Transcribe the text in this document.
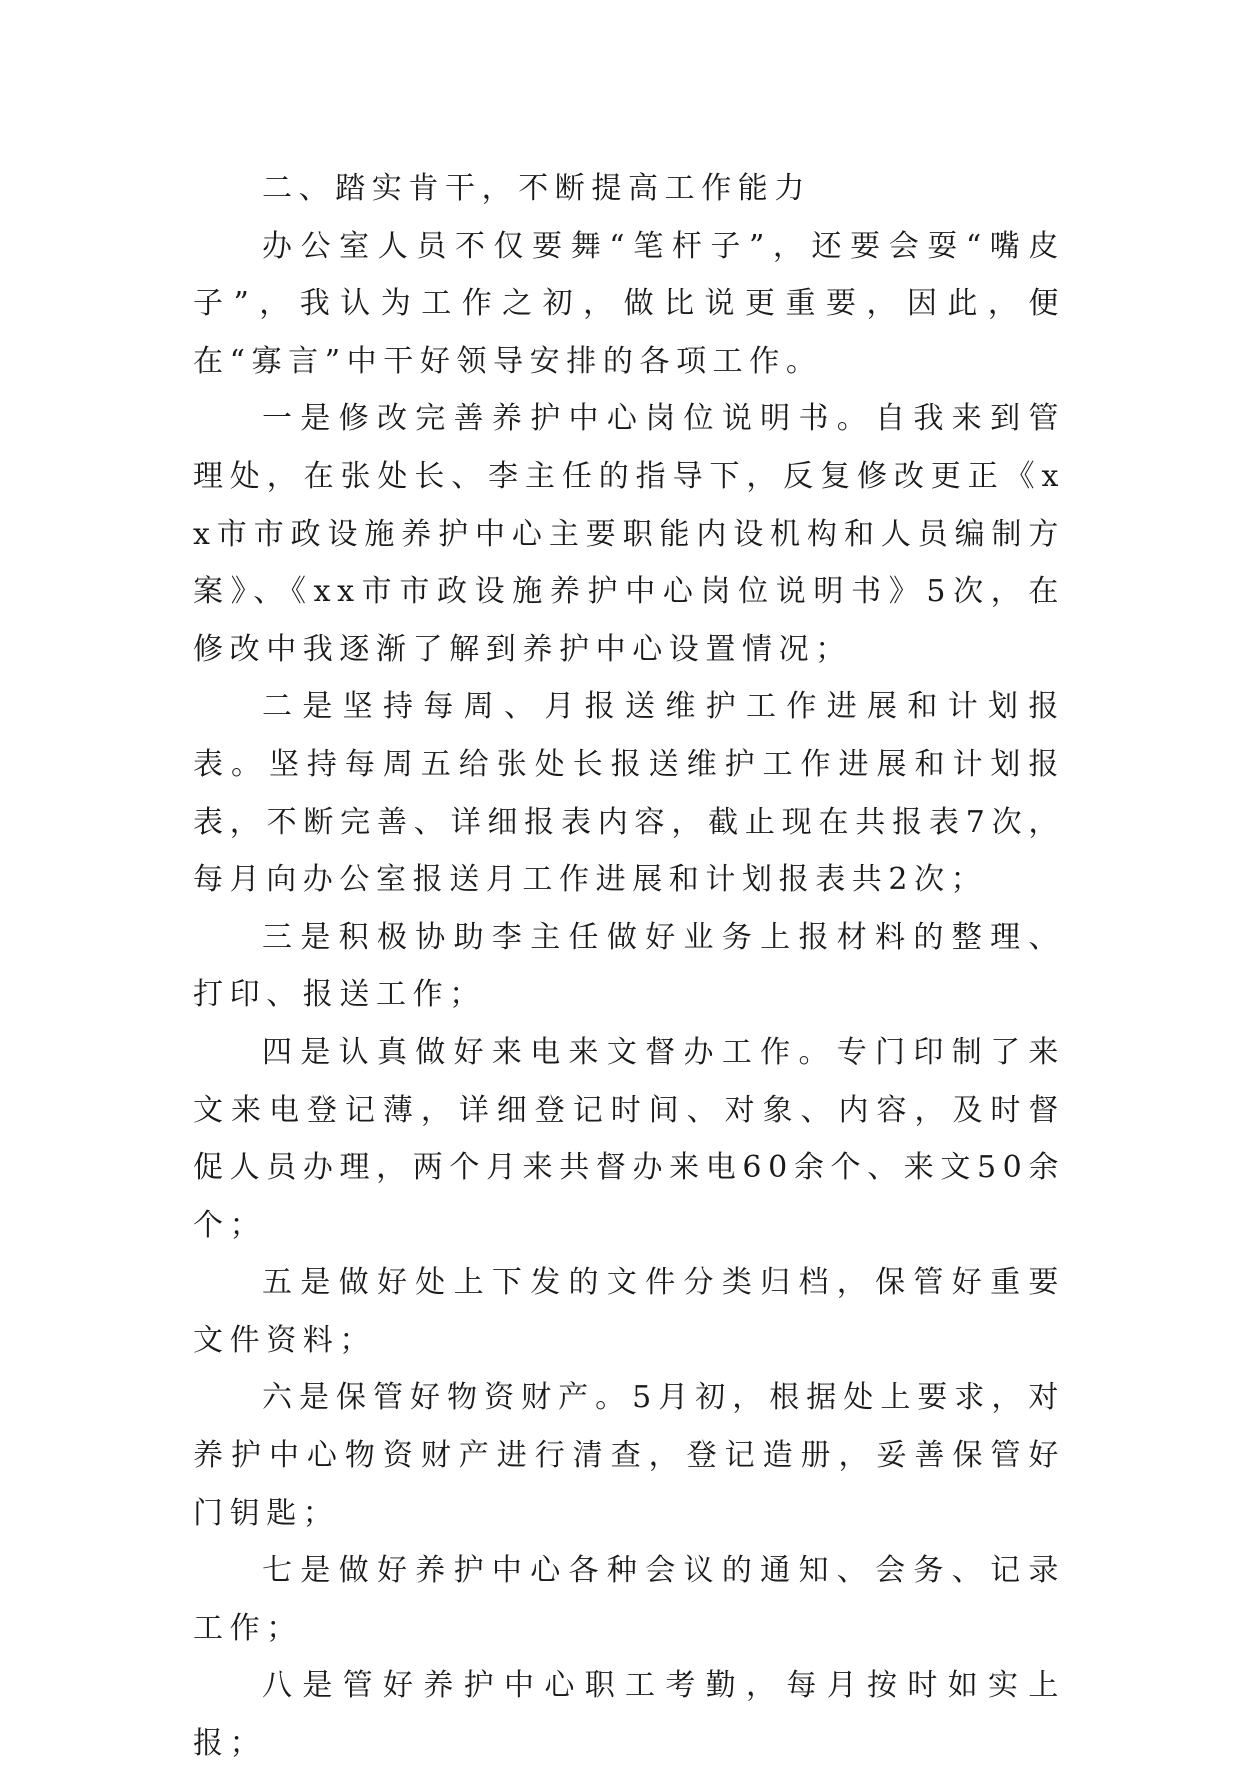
二、踏实肯干，不断提高工作能力

办公室人员不仅要舞“笔杆子”，还要会耍“嘴皮子”，我认为工作之初，做比说更重要，因此，便在“寡言”中干好领导安排的各项工作。

一是修改完善养护中心岗位说明书。自我来到管理处，在张处长、李主任的指导下，反复修改更正《xx市市政设施养护中心主要职能内设机构和人员编制方案》、《xx市市政设施养护中心岗位说明书》5次，在修改中我逐渐了解到养护中心设置情况；

二是坚持每周、月报送维护工作进展和计划报表。坚持每周五给张处长报送维护工作进展和计划报表，不断完善、详细报表内容，截止现在共报表7次，每月向办公室报送月工作进展和计划报表共2次；

三是积极协助李主任做好业务上报材料的整理、打印、报送工作；

四是认真做好来电来文督办工作。专门印制了来文来电登记薄，详细登记时间、对象、内容，及时督促人员办理，两个月来共督办来电60余个、来文50余个；

五是做好处上下发的文件分类归档，保管好重要文件资料；

六是保管好物资财产。5月初，根据处上要求，对养护中心物资财产进行清查，登记造册，妥善保管好门钥匙；

七是做好养护中心各种会议的通知、会务、记录工作；

八是管好养护中心职工考勤，每月按时如实上报；
